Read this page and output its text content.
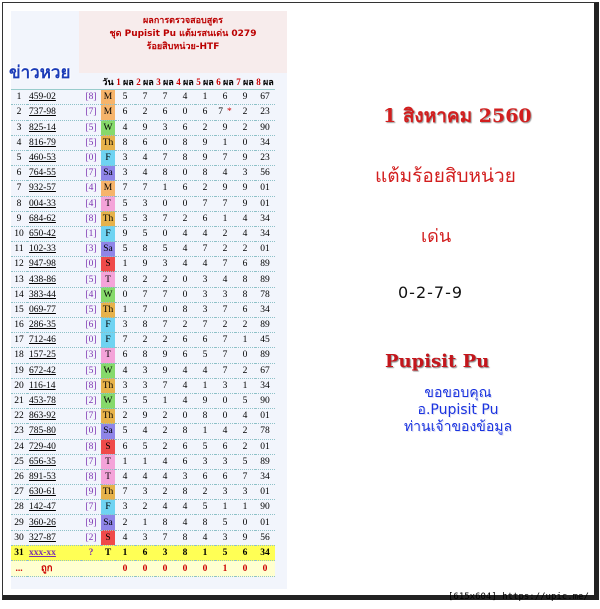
ผลการตรวจสอบสูตร
ชุด Pupisit Pu แต้มรสนเด่น 0279
ร้อยสิบหน่วย-HTF
ข่าวหวย
				วัน	1 ผล	2 ผล	3 ผล	4 ผล	5 ผล	6 ผล	7 ผล	8 ผล
1	459-02	[8]	M	5	7	7	4	1	6	9	67
2	737-98	[7]	M	6	2	6	0	6	7 *	2	23
3	825-14	[5]	W	4	9	3	6	2	9	2	90
4	816-79	[5]	Th	8	6	0	8	9	1	0	34
5	460-53	[0]	F	3	4	7	8	9	7	9	23
6	764-55	[7]	Sa	3	4	8	0	8	4	3	56
7	932-57	[4]	M	7	7	1	6	2	9	9	01
8	004-33	[4]	T	5	3	0	0	7	7	9	01
9	684-62	[8]	Th	5	3	7	2	6	1	4	34
10	650-42	[1]	F	9	5	0	4	4	2	4	34
11	102-33	[3]	Sa	5	8	5	4	7	2	2	01
12	947-98	[0]	S	1	9	3	4	4	7	6	89
13	438-86	[5]	T	8	2	2	0	3	4	8	89
14	383-44	[4]	W	0	7	7	0	3	3	8	78
15	069-77	[5]	Th	1	7	0	8	3	7	6	34
16	286-35	[6]	F	3	8	7	2	7	2	2	89
17	712-46	[0]	F	7	2	2	6	6	7	1	45
18	157-25	[3]	T	6	8	9	6	5	7	0	89
19	672-42	[5]	W	4	3	9	4	4	7	2	67
20	116-14	[8]	Th	3	3	7	4	1	3	1	34
21	453-78	[2]	W	5	5	1	4	9	0	5	90
22	863-92	[7]	Th	2	9	2	0	8	0	4	01
23	785-80	[0]	Sa	5	4	2	8	1	4	2	78
24	729-40	[8]	S	6	5	2	6	5	6	2	01
25	656-35	[7]	T	1	1	4	6	3	3	5	89
26	891-53	[8]	T	4	4	4	3	6	6	7	34
27	630-61	[9]	Th	7	3	2	8	2	3	3	01
28	142-47	[7]	F	3	2	4	4	5	1	1	90
29	360-26	[9]	Sa	2	1	8	4	8	5	0	01
30	327-87	[2]	S	4	3	7	8	4	3	9	56
31	xxx-xx	?	T	1	6	3	8	1	5	6	34
...	ถูก			0	0	0	0	0	1	0	0
1 สิงหาคม 2560
แต้มร้อยสิบหน่วย
เด่น
0-2-7-9
Pupisit Pu
ขอขอบคุณ
อ.Pupisit Pu
ท่านเจ้าของข้อมูล
[615x604] https://upic.me/
